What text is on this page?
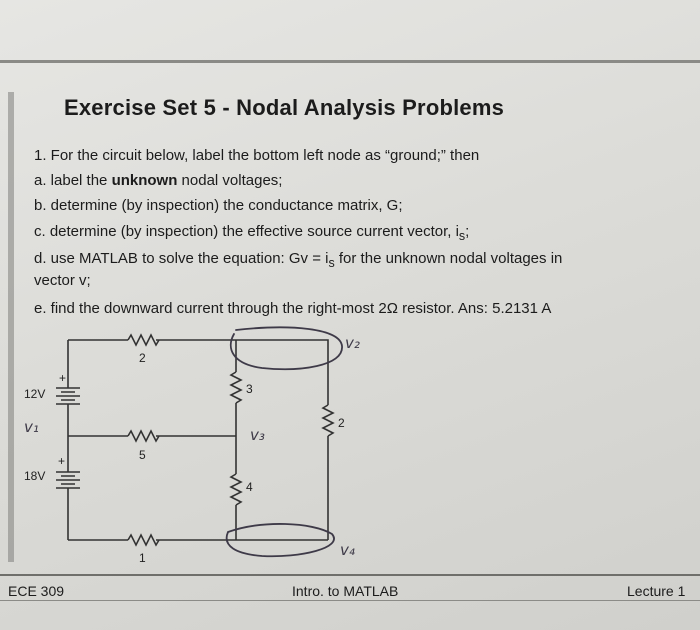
Exercise Set 5 - Nodal Analysis Problems
1. For the circuit below, label the bottom left node as “ground;” then
a. label the unknown nodal voltages;
b. determine (by inspection) the conductance matrix, G;
c. determine (by inspection) the effective source current vector, $i_s$;
d. use MATLAB to solve the equation: $Gv = i_s$ for the unknown nodal voltages in
vector v;
e. find the downward current through the right-most 2Ω resistor. Ans: 5.2131 A
2
+
12V
5
+
18V
1
3
4
2
v₂
v₁	v₃
v₄
ECE 309	Intro. to MATLAB	Lecture 1
